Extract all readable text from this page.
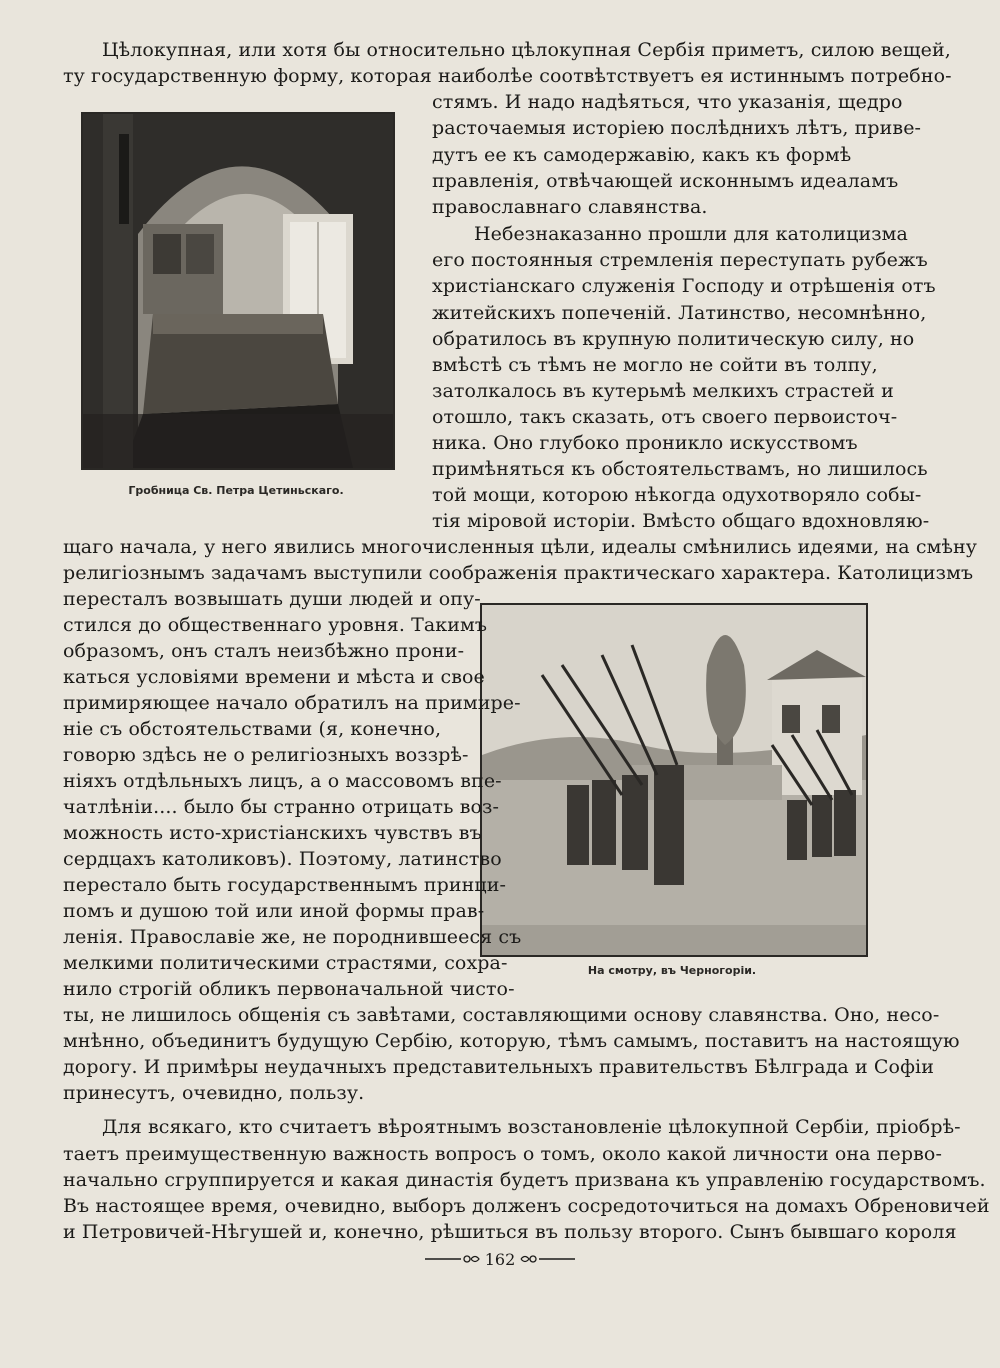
Гробница Св. Петра Цетиньскаго.
На смотру, въ Черногоріи.
Цѣлокупная, или хотя бы относительно цѣлокупная Сербія приметъ, силою вещей,
ту государственную форму, которая наиболѣе соотвѣтствуетъ ея истиннымъ потребно-
стямъ. И надо надѣяться, что указанія, щедро
расточаемыя исторіею послѣднихъ лѣтъ, приве-
дутъ ее къ самодержавію, какъ къ формѣ
правленія, отвѣчающей исконнымъ идеаламъ
православнаго славянства.
Небезнаказанно прошли для католицизма
его постоянныя стремленія переступать рубежъ
христіанскаго служенія Господу и отрѣшенія отъ
житейскихъ попеченій. Латинство, несомнѣнно,
обратилось въ крупную политическую силу, но
вмѣстѣ съ тѣмъ не могло не сойти въ толпу,
затолкалось въ кутерьмѣ мелкихъ страстей и
отошло, такъ сказать, отъ своего первоисточ-
ника. Оно глубоко проникло искусствомъ
примѣняться къ обстоятельствамъ, но лишилось
той мощи, которою нѣкогда одухотворяло собы-
тія міровой исторіи. Вмѣсто общаго вдохновляю-
щаго начала, у него явились многочисленныя цѣли, идеалы смѣнились идеями, на смѣну
религіознымъ задачамъ выступили соображенія практическаго характера. Католицизмъ
пересталъ возвышать души людей и опу-
стился до общественнаго уровня. Такимъ
образомъ, онъ сталъ неизбѣжно прони-
каться условіями времени и мѣста и свое
примиряющее начало обратилъ на примире-
ніе съ обстоятельствами (я, конечно,
говорю здѣсь не о религіозныхъ воззрѣ-
ніяхъ отдѣльныхъ лицъ, а о массовомъ впе-
чатлѣніи.... было бы странно отрицать воз-
можность исто-христіанскихъ чувствъ въ
сердцахъ католиковъ). Поэтому, латинство
перестало быть государственнымъ принци-
помъ и душою той или иной формы прав-
ленія. Православіе же, не породнившееся съ
мелкими политическими страстями, сохра-
нило строгій обликъ первоначальной чисто-
ты, не лишилось общенія съ завѣтами, составляющими основу славянства. Оно, несо-
мнѣнно, объединитъ будущую Сербію, которую, тѣмъ самымъ, поставитъ на настоящую
дорогу. И примѣры неудачныхъ представительныхъ правительствъ Бѣлграда и Софіи
принесутъ, очевидно, пользу.
Для всякаго, кто считаетъ вѣроятнымъ возстановленіе цѣлокупной Сербіи, пріобрѣ-
таетъ преимущественную важность вопросъ о томъ, около какой личности она перво-
начально сгруппируется и какая династія будетъ призвана къ управленію государствомъ.
Въ настоящее время, очевидно, выборъ долженъ сосредоточиться на домахъ Обреновичей
и Петровичей-Нѣгушей и, конечно, рѣшиться въ пользу второго. Сынъ бывшаго короля
162
